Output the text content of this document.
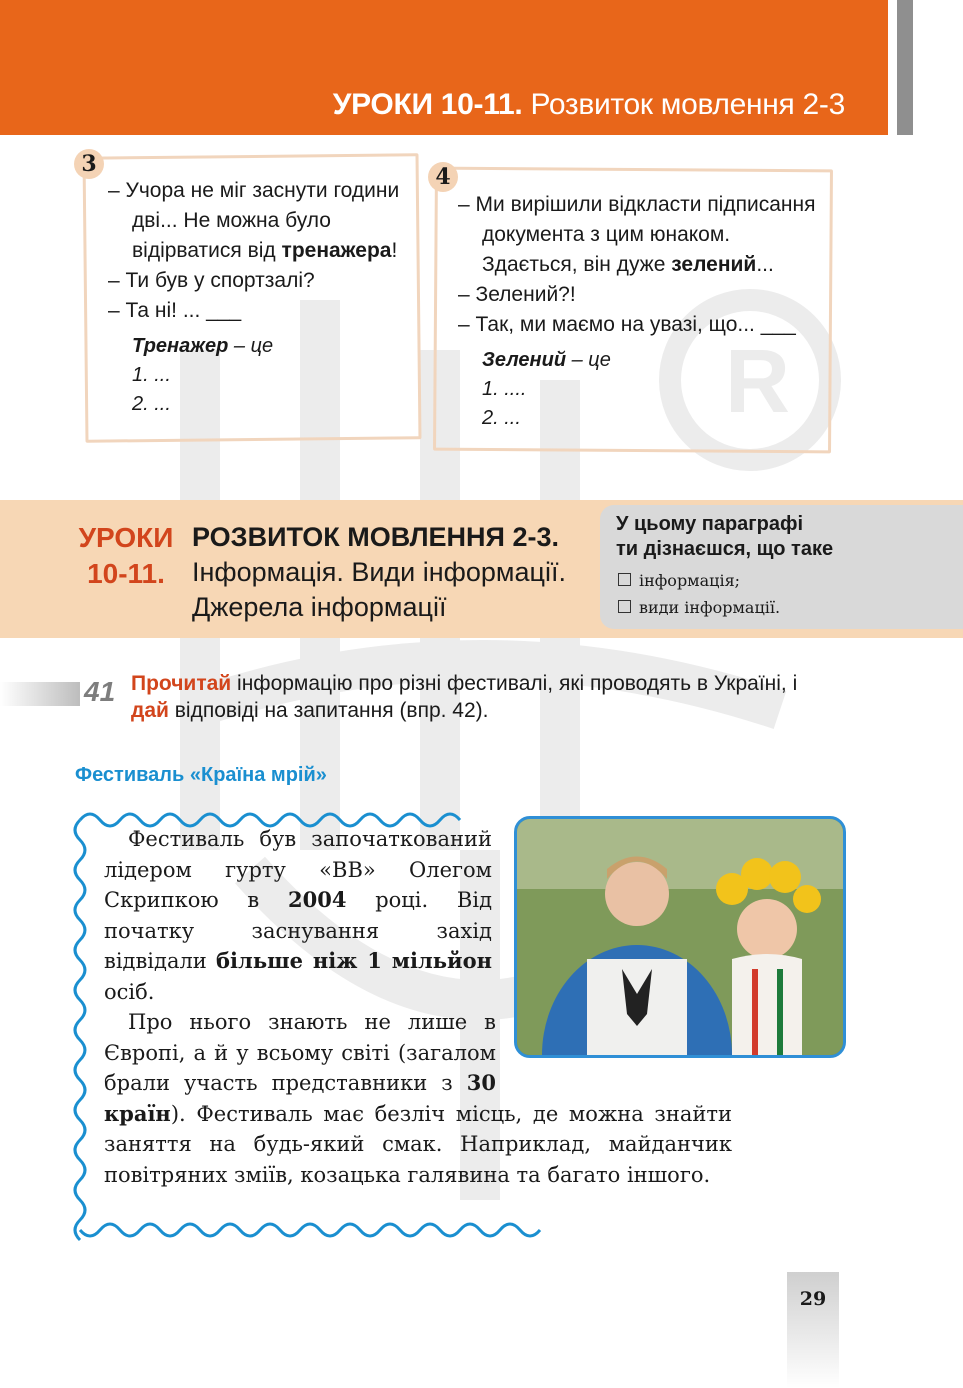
УРОКИ 10-11. Розвиток мовлення 2-3
R
3
– Учора не міг заснути години дві... Не можна було відірватися від тренажера!
– Ти був у спортзалі?
– Та ні! ... ___
Тренажер – це
1. ...
2. ...
4
– Ми вирішили відкласти підписання документа з цим юнаком. Здається, він дуже зелений...
– Зелений?!
– Так, ми маємо на увазі, що... ___
Зелений – це
1. ....
2. ...
УРОКИ
10-11.
РОЗВИТОК МОВЛЕННЯ 2-3.
Інформація. Види інформації.
Джерела інформації
У цьому параграфі
ти дізнаєшся, що таке
інформація;
види інформації.
41 Прочитай інформацію про різні фестивалі, які проводять в Україні, і дай відповіді на запитання (впр. 42).
Фестиваль «Країна мрій»

Фестиваль був започаткований лідером гурту «ВВ» Олегом Скрипкою в 2004 році. Від початку заснування захід відвідали більше ніж 1 мільйон осіб.

Про нього знають не лише в Європі, а й у всьому світі (загалом брали участь представники з 30 країн). Фестиваль має безліч місць, де можна знайти заняття на будь-який смак. Наприклад, майданчик повітряних зміїв, козацька галявина та багато іншого.

29
